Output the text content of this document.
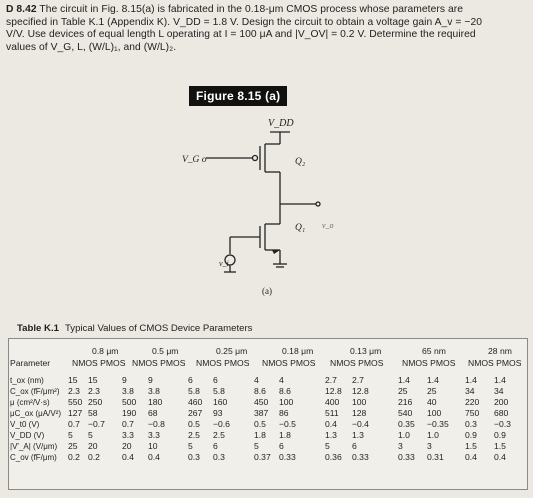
D 8.42 The circuit in Fig. 8.15(a) is fabricated in the 0.18-μm CMOS process whose parameters are

specified in Table K.1 (Appendix K). V_DD = 1.8 V. Design the circuit to obtain a voltage gain A_v = −20

V/V. Use devices of equal length L operating at I = 100 μA and |V_OV| = 0.2 V. Determine the required

values of V_G, L, (W/L)₁, and (W/L)₂.

Figure 8.15 (a)
V_DD
V_G o	Q₂
Q₁ v_o
v_i
(a)
Table K.1 Typical Values of CMOS Device Parameters
0.8 μm	0.5 μm	0.25 μm	0.18 μm	0.13 μm	65 nm	28 nm
Parameter	NMOS PMOS NMOS PMOS NMOS PMOS NMOS PMOS NMOS PMOS NMOS PMOS NMOS PMOS
t_ox (nm)	15 15	9 9	6 6	4 4	2.7 2.7	1.4 1.4	1.4 1.4
C_ox (fF/μm²) 2.3 2.3	3.8 3.8	5.8 5.8	8.6 8.6	12.8 12.8	25 25	34 34
μ (cm²/V·s) 550 250 500 180	460 160	450 100	400 100	216 40	220 200
μC_ox (μA/V²) 127 58	190 68	267 93	387 86	511 128	540 100	750 680
V_t0 (V)	0.7 −0.7 0.7 −0.8	0.5 −0.6	0.5 −0.5	0.4 −0.4	0.35 −0.35 0.3 −0.3
V_DD (V)	5 5	3.3 3.3	2.5 2.5	1.8 1.8	1.3 1.3	1.0 1.0	0.9 0.9
|V'_A| (V/μm) 25 20	20 10	5 6	5 6	5	6	3	3	1.5 1.5
C_ov (fF/μm) 0.2 0.2	0.4 0.4	0.3 0.3	0.37 0.33	0.36 0.33	0.33 0.31 0.4 0.4
